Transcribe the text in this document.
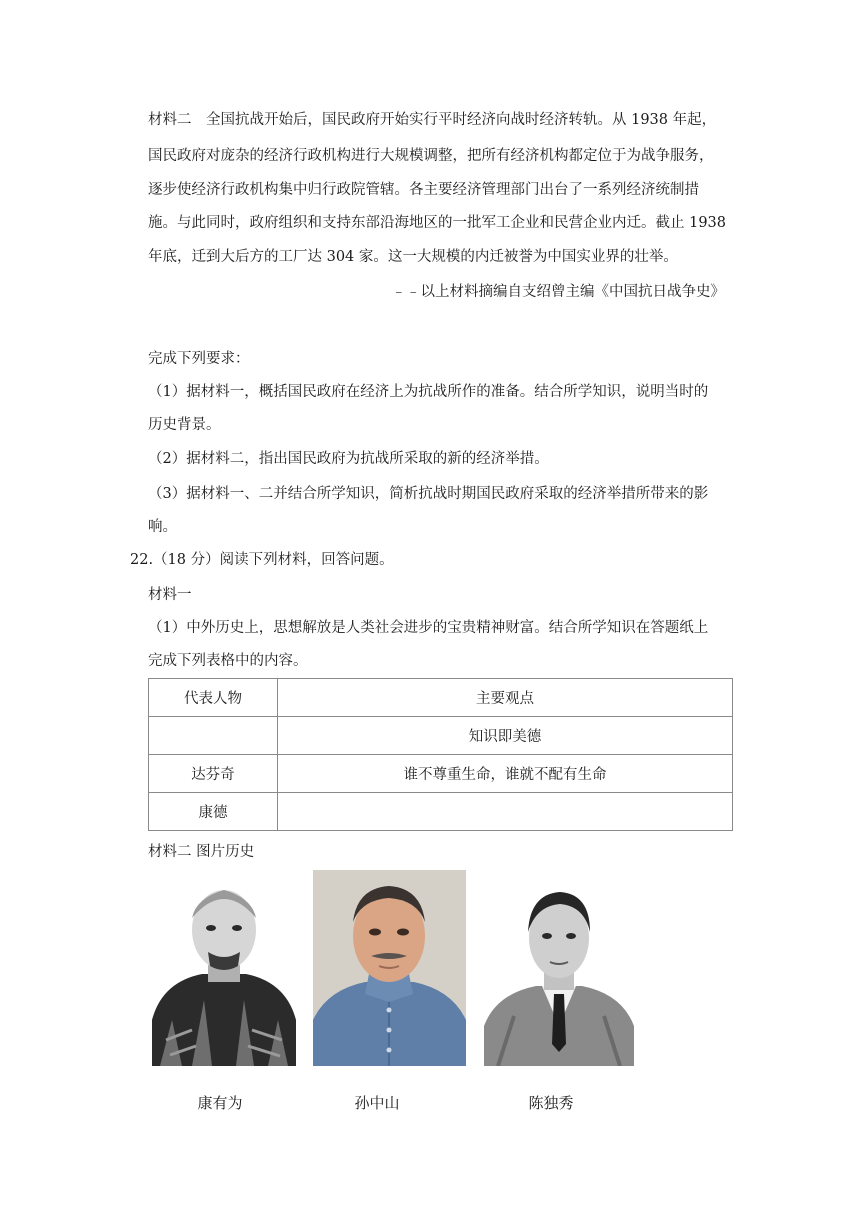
材料二　全国抗战开始后，国民政府开始实行平时经济向战时经济转轨。从 1938 年起，
国民政府对庞杂的经济行政机构进行大规模调整，把所有经济机构都定位于为战争服务，
逐步使经济行政机构集中归行政院管辖。各主要经济管理部门出台了一系列经济统制措
施。与此同时，政府组织和支持东部沿海地区的一批军工企业和民营企业内迁。截止 1938
年底，迁到大后方的工厂达 304 家。这一大规模的内迁被誉为中国实业界的壮举。
﹣﹣以上材料摘编自支绍曾主编《中国抗日战争史》
完成下列要求：
（1）据材料一，概括国民政府在经济上为抗战所作的准备。结合所学知识，说明当时的
历史背景。
（2）据材料二，指出国民政府为抗战所采取的新的经济举措。
（3）据材料一、二并结合所学知识，简析抗战时期国民政府采取的经济举措所带来的影
响。
22.（18 分）阅读下列材料，回答问题。
材料一
（1）中外历史上，思想解放是人类社会进步的宝贵精神财富。结合所学知识在答题纸上
完成下列表格中的内容。
代表人物	主要观点
	知识即美德
达芬奇	谁不尊重生命，谁就不配有生命
康德	
材料二 图片历史
康有为	孙中山	陈独秀
